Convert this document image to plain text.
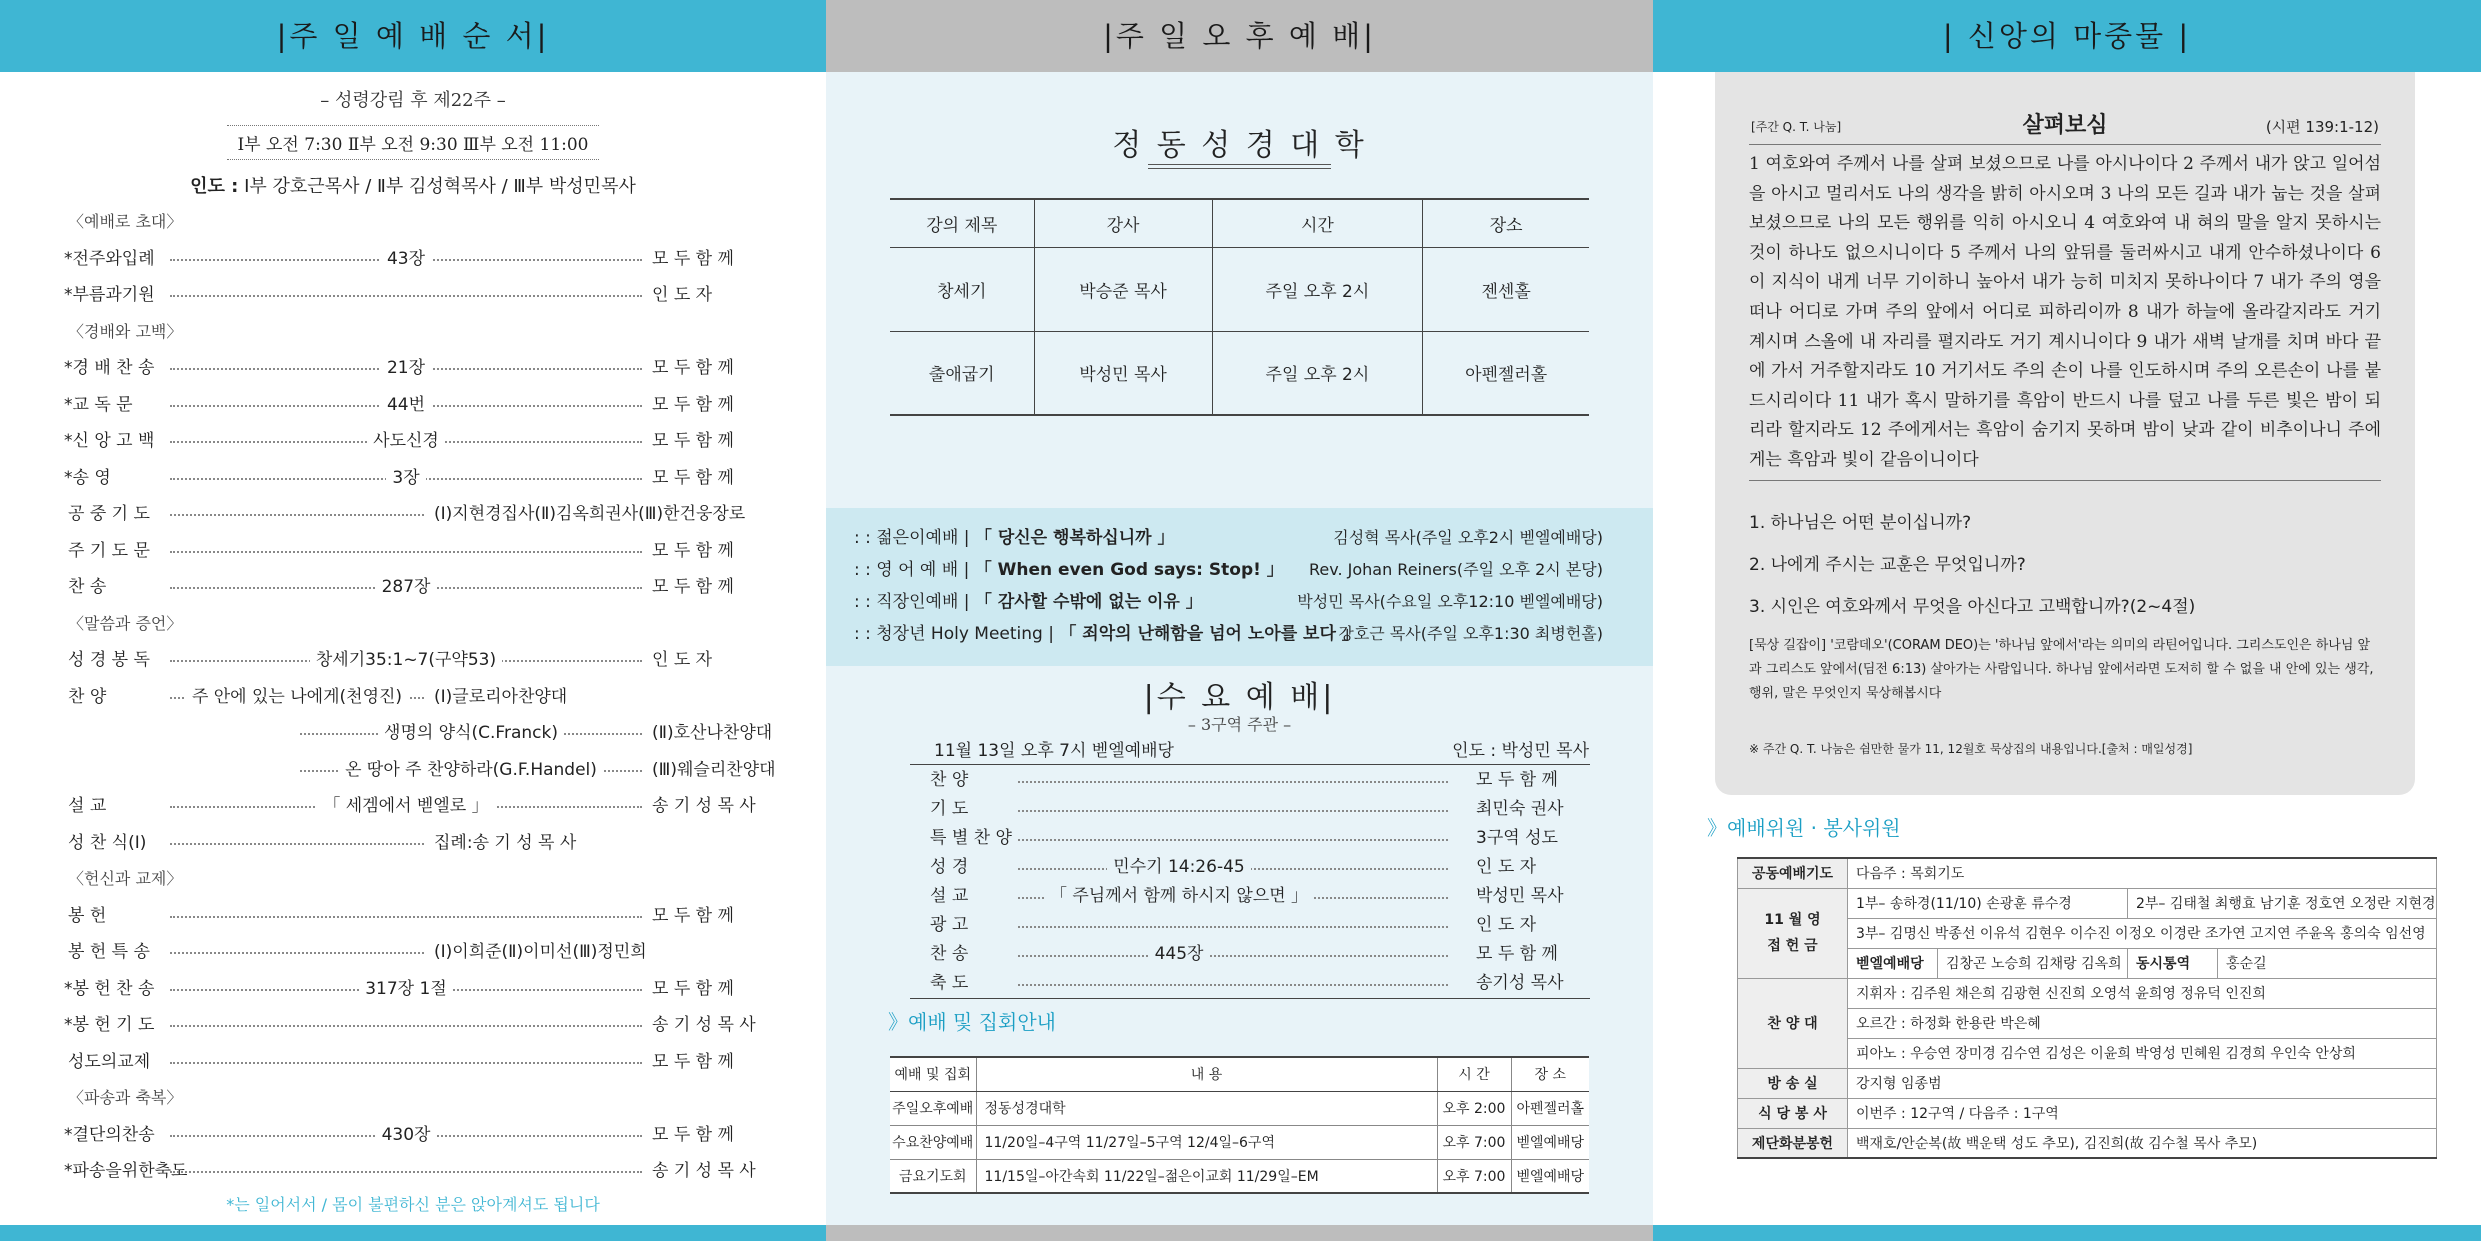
|주 일 예 배 순 서|
– 성령강림 후 제22주 –
Ⅰ부 오전 7:30 Ⅱ부 오전 9:30 Ⅲ부 오전 11:00
인도 : Ⅰ부 강호근목사 / Ⅱ부 김성혁목사 / Ⅲ부 박성민목사
〈예배로 초대〉
*전주와입례	43장	모 두 함 께
*부름과기원	인 도 자
〈경배와 고백〉
*경 배 찬 송	21장	모 두 함 께
*교 독 문	44번	모 두 함 께
*신 앙 고 백	사도신경	모 두 함 께
*송 영	3장	모 두 함 께
공 중 기 도	(Ⅰ)지현경집사(Ⅱ)김옥희권사(Ⅲ)한건웅장로
주 기 도 문	모 두 함 께
찬 송	287장	모 두 함 께
〈말씀과 증언〉
성 경 봉 독	창세기35:1~7(구약53)	인 도 자
찬 양	주 안에 있는 나에게(천영진)	(Ⅰ)글로리아찬양대
생명의 양식(C.Franck)	(Ⅱ)호산나찬양대
온 땅아 주 찬양하라(G.F.Handel)	(Ⅲ)웨슬리찬양대
설 교	「 세겜에서 벧엘로 」	송 기 성 목 사
성 찬 식(Ⅰ)	집례:송 기 성 목 사
〈헌신과 교제〉
봉 헌	모 두 함 께
봉 헌 특 송	(Ⅰ)이희준(Ⅱ)이미선(Ⅲ)정민희
*봉 헌 찬 송	317장 1절	모 두 함 께
*봉 헌 기 도	송 기 성 목 사
성도의교제	모 두 함 께
〈파송과 축복〉
*결단의찬송	430장	모 두 함 께
*파송을위한축도	송 기 성 목 사
*는 일어서서 / 몸이 불편하신 분은 앉아계셔도 됩니다
|주 일 오 후 예 배|
정 동 성 경 대 학
강의 제목	강사	시간	장소
창세기	박승준 목사	주일 오후 2시	젠센홀
출애굽기	박성민 목사	주일 오후 2시	아펜젤러홀
: : 젊은이예배 | 「 당신은 행복하십니까 」	김성혁 목사(주일 오후2시 벧엘예배당)
: : 영 어 예 배 | 「 When even God says: Stop! 」 Rev. Johan Reiners(주일 오후 2시 본당)
: : 직장인예배 | 「 감사할 수밖에 없는 이유 」	박성민 목사(수요일 오후12:10 벧엘예배당)
: : 청장년 Holy Meeting | 「 죄악의 난해함을 넘어 노아를 보다 」
강호근 목사(주일 오후1:30 최병헌홀)
|수 요 예 배|
– 3구역 주관 –
11월 13일 오후 7시 벧엘예배당	인도 : 박성민 목사
찬 양	모 두 함 께
기 도	최민숙 권사
특 별 찬 양	3구역 성도
성 경	민수기 14:26-45	인 도 자
설 교	「 주님께서 함께 하시지 않으면 」	박성민 목사
광 고	인 도 자
찬 송	445장	모 두 함 께
축 도	송기성 목사
》예배 및 집회안내
예배 및 집회	내 용	시 간	장 소
주일오후예배	정동성경대학	오후 2:00	아펜젤러홀
수요찬양예배	11/20일–4구역 11/27일–5구역 12/4일–6구역	오후 7:00	벧엘예배당
금요기도회	11/15일–아간속회 11/22일–젊은이교회 11/29일–EM	오후 7:00	벧엘예배당
| 신앙의 마중물 |
[주간 Q. T. 나눔]	살펴보심	(시편 139:1-12)
1 여호와여 주께서 나를 살펴 보셨으므로 나를 아시나이다 2 주께서 내가 앉고 일어섬을 아시고 멀리서도 나의 생각을 밝히 아시오며 3 나의 모든 길과 내가 눕는 것을 살펴 보셨으므로 나의 모든 행위를 익히 아시오니 4 여호와여 내 혀의 말을 알지 못하시는 것이 하나도 없으시니이다 5 주께서 나의 앞뒤를 둘러싸시고 내게 안수하셨나이다 6 이 지식이 내게 너무 기이하니 높아서 내가 능히 미치지 못하나이다 7 내가 주의 영을 떠나 어디로 가며 주의 앞에서 어디로 피하리이까 8 내가 하늘에 올라갈지라도 거기 계시며 스올에 내 자리를 펼지라도 거기 계시니이다 9 내가 새벽 날개를 치며 바다 끝에 가서 거주할지라도 10 거기서도 주의 손이 나를 인도하시며 주의 오른손이 나를 붙드시리이다 11 내가 혹시 말하기를 흑암이 반드시 나를 덮고 나를 두른 빛은 밤이 되리라 할지라도 12 주에게서는 흑암이 숨기지 못하며 밤이 낮과 같이 비추이나니 주에게는 흑암과 빛이 같음이니이다
1. 하나님은 어떤 분이십니까?
2. 나에게 주시는 교훈은 무엇입니까?
3. 시인은 여호와께서 무엇을 아신다고 고백합니까?(2~4절)
[묵상 길잡이] '코람데오'(CORAM DEO)는 '하나님 앞에서'라는 의미의 라틴어입니다. 그리스도인은 하나님 앞과 그리스도 앞에서(딤전 6:13) 살아가는 사람입니다. 하나님 앞에서라면 도저히 할 수 없을 내 안에 있는 생각, 행위, 말은 무엇인지 묵상해봅시다
※ 주간 Q. T. 나눔은 쉼만한 물가 11, 12월호 묵상집의 내용입니다.[출처 : 매일성경]
》예배위원 · 봉사위원
공동예배기도	다음주 : 목회기도			
11 월 영 접 헌 금	1부– 송하경(11/10) 손광훈 류수경		2부– 김태철 최행효 남기훈 정호연 오정란 지현경	
	3부– 김명신 박종선 이유석 김현우 이수진 이정오 이경란 조가연 고지연 주윤옥 홍의숙 임선영			
	벧엘예배당	김창곤 노승희 김채랑 김옥희	동시통역	홍순길
찬 양 대	지휘자 : 김주원 채은희 김광현 신진희 오영석 윤희영 정유덕 인진희			
	오르간 : 하정화 한용란 박은혜			
	피아노 : 우승연 장미경 김수연 김성은 이윤희 박영성 민혜원 김경희 우인숙 안상희			
방 송 실	강지형 임종범			
식 당 봉 사	이번주 : 12구역 / 다음주 : 1구역			
제단화분봉헌	백재호/안순복(故 백운택 성도 추모), 김진희(故 김수철 목사 추모)			
